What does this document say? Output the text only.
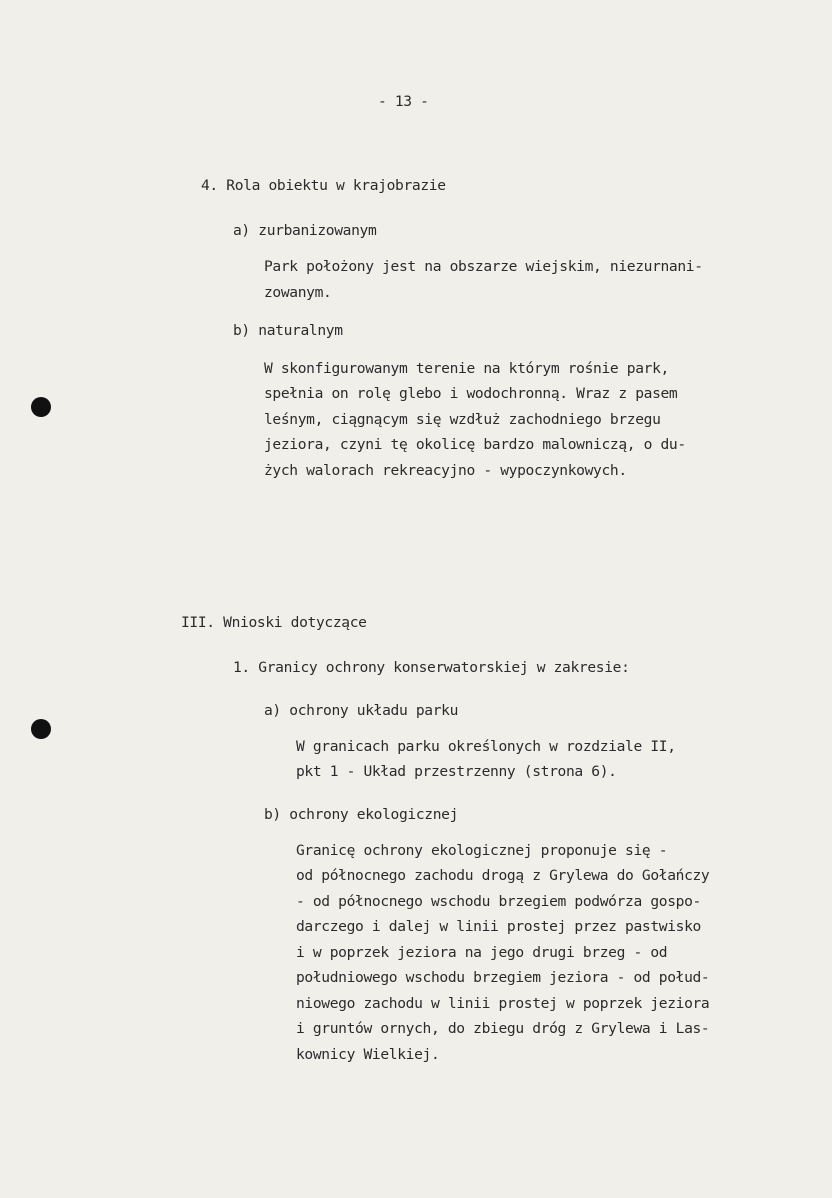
- 13 -

4. Rola obiektu w krajobrazie

a) zurbanizowanym

Park położony jest na obszarze wiejskim, niezurnani-

zowanym.

b) naturalnym

W skonfigurowanym terenie na którym rośnie park,

spełnia on rolę glebo i wodochronną. Wraz z pasem

leśnym, ciągnącym się wzdłuż zachodniego brzegu

jeziora, czyni tę okolicę bardzo malowniczą, o du-

żych walorach rekreacyjno - wypoczynkowych.

III. Wnioski dotyczące

1. Granicy ochrony konserwatorskiej w zakresie:

a) ochrony układu parku

W granicach parku określonych w rozdziale II,

pkt 1 - Układ przestrzenny (strona 6).

b) ochrony ekologicznej

Granicę ochrony ekologicznej proponuje się -

od północnego zachodu drogą z Grylewa do Gołańczy

- od północnego wschodu brzegiem podwórza gospo-

darczego i dalej w linii prostej przez pastwisko

i w poprzek jeziora na jego drugi brzeg - od

południowego wschodu brzegiem jeziora - od połud-

niowego zachodu w linii prostej w poprzek jeziora

i gruntów ornych, do zbiegu dróg z Grylewa i Las-

kownicy Wielkiej.
